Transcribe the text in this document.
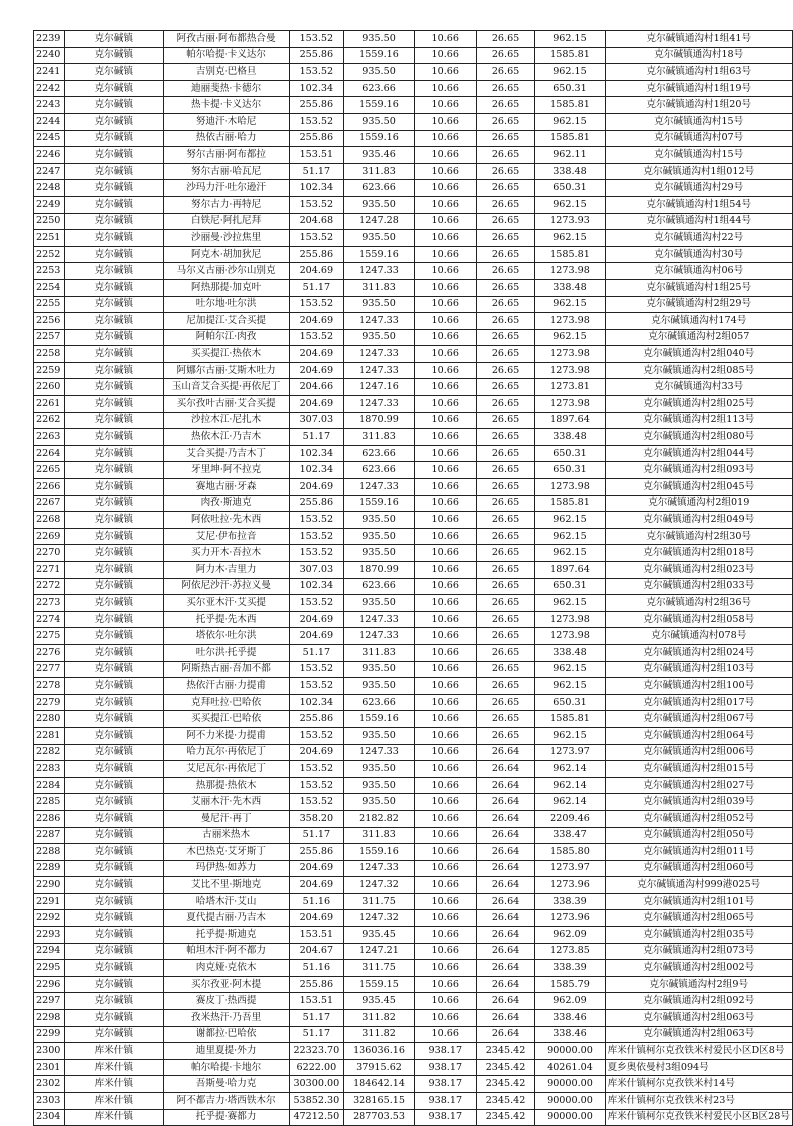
2239	克尔碱镇	阿孜古丽·阿布都热合曼	153.52	935.50	10.66	26.65	962.15	克尔碱镇通沟村1组41号
2240	克尔碱镇	帕尔哈提·卡义达尔	255.86	1559.16	10.66	26.65	1585.81	克尔碱镇通沟村18号
2241	克尔碱镇	吉别克·巴格旦	153.52	935.50	10.66	26.65	962.15	克尔碱镇通沟村1组63号
2242	克尔碱镇	迪丽斐热·卡德尔	102.34	623.66	10.66	26.65	650.31	克尔碱镇通沟村1组19号
2243	克尔碱镇	热卡提·卡义达尔	255.86	1559.16	10.66	26.65	1585.81	克尔碱镇通沟村1组20号
2244	克尔碱镇	努迪汗·木哈尼	153.52	935.50	10.66	26.65	962.15	克尔碱镇通沟村15号
2245	克尔碱镇	热依古丽·哈力	255.86	1559.16	10.66	26.65	1585.81	克尔碱镇通沟村07号
2246	克尔碱镇	努尔古丽·阿布都拉	153.51	935.46	10.66	26.65	962.11	克尔碱镇通沟村15号
2247	克尔碱镇	努尔古丽·哈瓦尼	51.17	311.83	10.66	26.65	338.48	克尔碱镇通沟村1组012号
2248	克尔碱镇	沙玛力汗·吐尔逊汗	102.34	623.66	10.66	26.65	650.31	克尔碱镇通沟村29号
2249	克尔碱镇	努尔古力·再特尼	153.52	935.50	10.66	26.65	962.15	克尔碱镇通沟村1组54号
2250	克尔碱镇	白铁尼·阿扎尼拜	204.68	1247.28	10.66	26.65	1273.93	克尔碱镇通沟村1组44号
2251	克尔碱镇	沙丽曼·沙拉焦里	153.52	935.50	10.66	26.65	962.15	克尔碱镇通沟村22号
2252	克尔碱镇	阿克木·胡加狄尼	255.86	1559.16	10.66	26.65	1585.81	克尔碱镇通沟村30号
2253	克尔碱镇	马尔义古丽·沙尔山别克	204.69	1247.33	10.66	26.65	1273.98	克尔碱镇通沟村06号
2254	克尔碱镇	阿热那提·加克叶	51.17	311.83	10.66	26.65	338.48	克尔碱镇通沟村1组25号
2255	克尔碱镇	吐尔地·吐尔洪	153.52	935.50	10.66	26.65	962.15	克尔碱镇通沟村2组29号
2256	克尔碱镇	尼加提江·艾合买提	204.69	1247.33	10.66	26.65	1273.98	克尔碱镇通沟村174号
2257	克尔碱镇	阿帕尔江·肉孜	153.52	935.50	10.66	26.65	962.15	克尔碱镇通沟村2组057
2258	克尔碱镇	买买提江·热依木	204.69	1247.33	10.66	26.65	1273.98	克尔碱镇通沟村2组040号
2259	克尔碱镇	阿娜尔古丽·艾斯木吐力	204.69	1247.33	10.66	26.65	1273.98	克尔碱镇通沟村2组085号
2260	克尔碱镇	玉山音艾合买提·再依尼丁	204.66	1247.16	10.66	26.65	1273.81	克尔碱镇通沟村33号
2261	克尔碱镇	买尔孜叶古丽·艾合买提	204.69	1247.33	10.66	26.65	1273.98	克尔碱镇通沟村2组025号
2262	克尔碱镇	沙拉木江·尼扎木	307.03	1870.99	10.66	26.65	1897.64	克尔碱镇通沟村2组113号
2263	克尔碱镇	热依木江·乃吉木	51.17	311.83	10.66	26.65	338.48	克尔碱镇通沟村2组080号
2264	克尔碱镇	艾合买提·乃吉木丁	102.34	623.66	10.66	26.65	650.31	克尔碱镇通沟村2组044号
2265	克尔碱镇	牙里坤·阿不拉克	102.34	623.66	10.66	26.65	650.31	克尔碱镇通沟村2组093号
2266	克尔碱镇	赛地古丽·牙森	204.69	1247.33	10.66	26.65	1273.98	克尔碱镇通沟村2组045号
2267	克尔碱镇	肉孜·斯迪克	255.86	1559.16	10.66	26.65	1585.81	克尔碱镇通沟村2组019
2268	克尔碱镇	阿依吐拉·先木西	153.52	935.50	10.66	26.65	962.15	克尔碱镇通沟村2组049号
2269	克尔碱镇	艾尼·伊布拉音	153.52	935.50	10.66	26.65	962.15	克尔碱镇通沟村2组30号
2270	克尔碱镇	买力开木·吾拉木	153.52	935.50	10.66	26.65	962.15	克尔碱镇通沟村2组018号
2271	克尔碱镇	阿力木·吉里力	307.03	1870.99	10.66	26.65	1897.64	克尔碱镇通沟村2组023号
2272	克尔碱镇	阿依尼沙汗·苏拉义曼	102.34	623.66	10.66	26.65	650.31	克尔碱镇通沟村2组033号
2273	克尔碱镇	买尔亚木汗·艾买提	153.52	935.50	10.66	26.65	962.15	克尔碱镇通沟村2组36号
2274	克尔碱镇	托乎提·先木西	204.69	1247.33	10.66	26.65	1273.98	克尔碱镇通沟村2组058号
2275	克尔碱镇	塔依尔·吐尔洪	204.69	1247.33	10.66	26.65	1273.98	克尔碱镇通沟村078号
2276	克尔碱镇	吐尔洪·托乎提	51.17	311.83	10.66	26.65	338.48	克尔碱镇通沟村2组024号
2277	克尔碱镇	阿斯热古丽·吾加不都	153.52	935.50	10.66	26.65	962.15	克尔碱镇通沟村2组103号
2278	克尔碱镇	热依汗古丽·力提甫	153.52	935.50	10.66	26.65	962.15	克尔碱镇通沟村2组100号
2279	克尔碱镇	克拜吐拉·巴哈依	102.34	623.66	10.66	26.65	650.31	克尔碱镇通沟村2组017号
2280	克尔碱镇	买买提江·巴哈依	255.86	1559.16	10.66	26.65	1585.81	克尔碱镇通沟村2组067号
2281	克尔碱镇	阿不力米提·力提甫	153.52	935.50	10.66	26.65	962.15	克尔碱镇通沟村2组064号
2282	克尔碱镇	哈力瓦尔·再依尼丁	204.69	1247.33	10.66	26.64	1273.97	克尔碱镇通沟村2组006号
2283	克尔碱镇	艾尼瓦尔·再依尼丁	153.52	935.50	10.66	26.64	962.14	克尔碱镇通沟村2组015号
2284	克尔碱镇	热那提·热依木	153.52	935.50	10.66	26.64	962.14	克尔碱镇通沟村2组027号
2285	克尔碱镇	艾丽木汗·先木西	153.52	935.50	10.66	26.64	962.14	克尔碱镇通沟村2组039号
2286	克尔碱镇	曼尼汗·再丁	358.20	2182.82	10.66	26.64	2209.46	克尔碱镇通沟村2组052号
2287	克尔碱镇	古丽米热木	51.17	311.83	10.66	26.64	338.47	克尔碱镇通沟村2组050号
2288	克尔碱镇	木巴热克·艾牙斯丁	255.86	1559.16	10.66	26.64	1585.80	克尔碱镇通沟村2组011号
2289	克尔碱镇	玛伊热·如苏力	204.69	1247.33	10.66	26.64	1273.97	克尔碱镇通沟村2组060号
2290	克尔碱镇	艾比不里·斯地克	204.69	1247.32	10.66	26.64	1273.96	克尔碱镇通沟村999港025号
2291	克尔碱镇	哈塔木汗·艾山	51.16	311.75	10.66	26.64	338.39	克尔碱镇通沟村2组101号
2292	克尔碱镇	夏代提古丽·乃吉木	204.69	1247.32	10.66	26.64	1273.96	克尔碱镇通沟村2组065号
2293	克尔碱镇	托乎提·斯迪克	153.51	935.45	10.66	26.64	962.09	克尔碱镇通沟村2组035号
2294	克尔碱镇	帕坦木汗·阿不都力	204.67	1247.21	10.66	26.64	1273.85	克尔碱镇通沟村2组073号
2295	克尔碱镇	肉克娅·克依木	51.16	311.75	10.66	26.64	338.39	克尔碱镇通沟村2组002号
2296	克尔碱镇	买尔孜亚·阿木提	255.86	1559.15	10.66	26.64	1585.79	克尔碱镇通沟村2组9号
2297	克尔碱镇	赛皮丁·热西提	153.51	935.45	10.66	26.64	962.09	克尔碱镇通沟村2组092号
2298	克尔碱镇	孜米热汗·乃吾里	51.17	311.82	10.66	26.64	338.46	克尔碱镇通沟村2组063号
2299	克尔碱镇	谢都拉·巴哈依	51.17	311.82	10.66	26.64	338.46	克尔碱镇通沟村2组063号
2300	库米什镇	迪里夏提·外力	22323.70	136036.16	938.17	2345.42	90000.00	库米什镇柯尔克孜铁米村爱民小区D区8号
2301	库米什镇	帕尔哈提·卡地尔	6222.00	37915.62	938.17	2345.42	40261.04	夏乡奥依曼村3组094号
2302	库米什镇	吾斯曼·哈力克	30300.00	184642.14	938.17	2345.42	90000.00	库米什镇柯尔克孜铁米村14号
2303	库米什镇	阿不都吉力·塔西铁木尔	53852.30	328165.15	938.17	2345.42	90000.00	库米什镇柯尔克孜铁米村23号
2304	库米什镇	托乎提·赛都力	47212.50	287703.53	938.17	2345.42	90000.00	库米什镇柯尔克孜铁米村爱民小区B区28号
